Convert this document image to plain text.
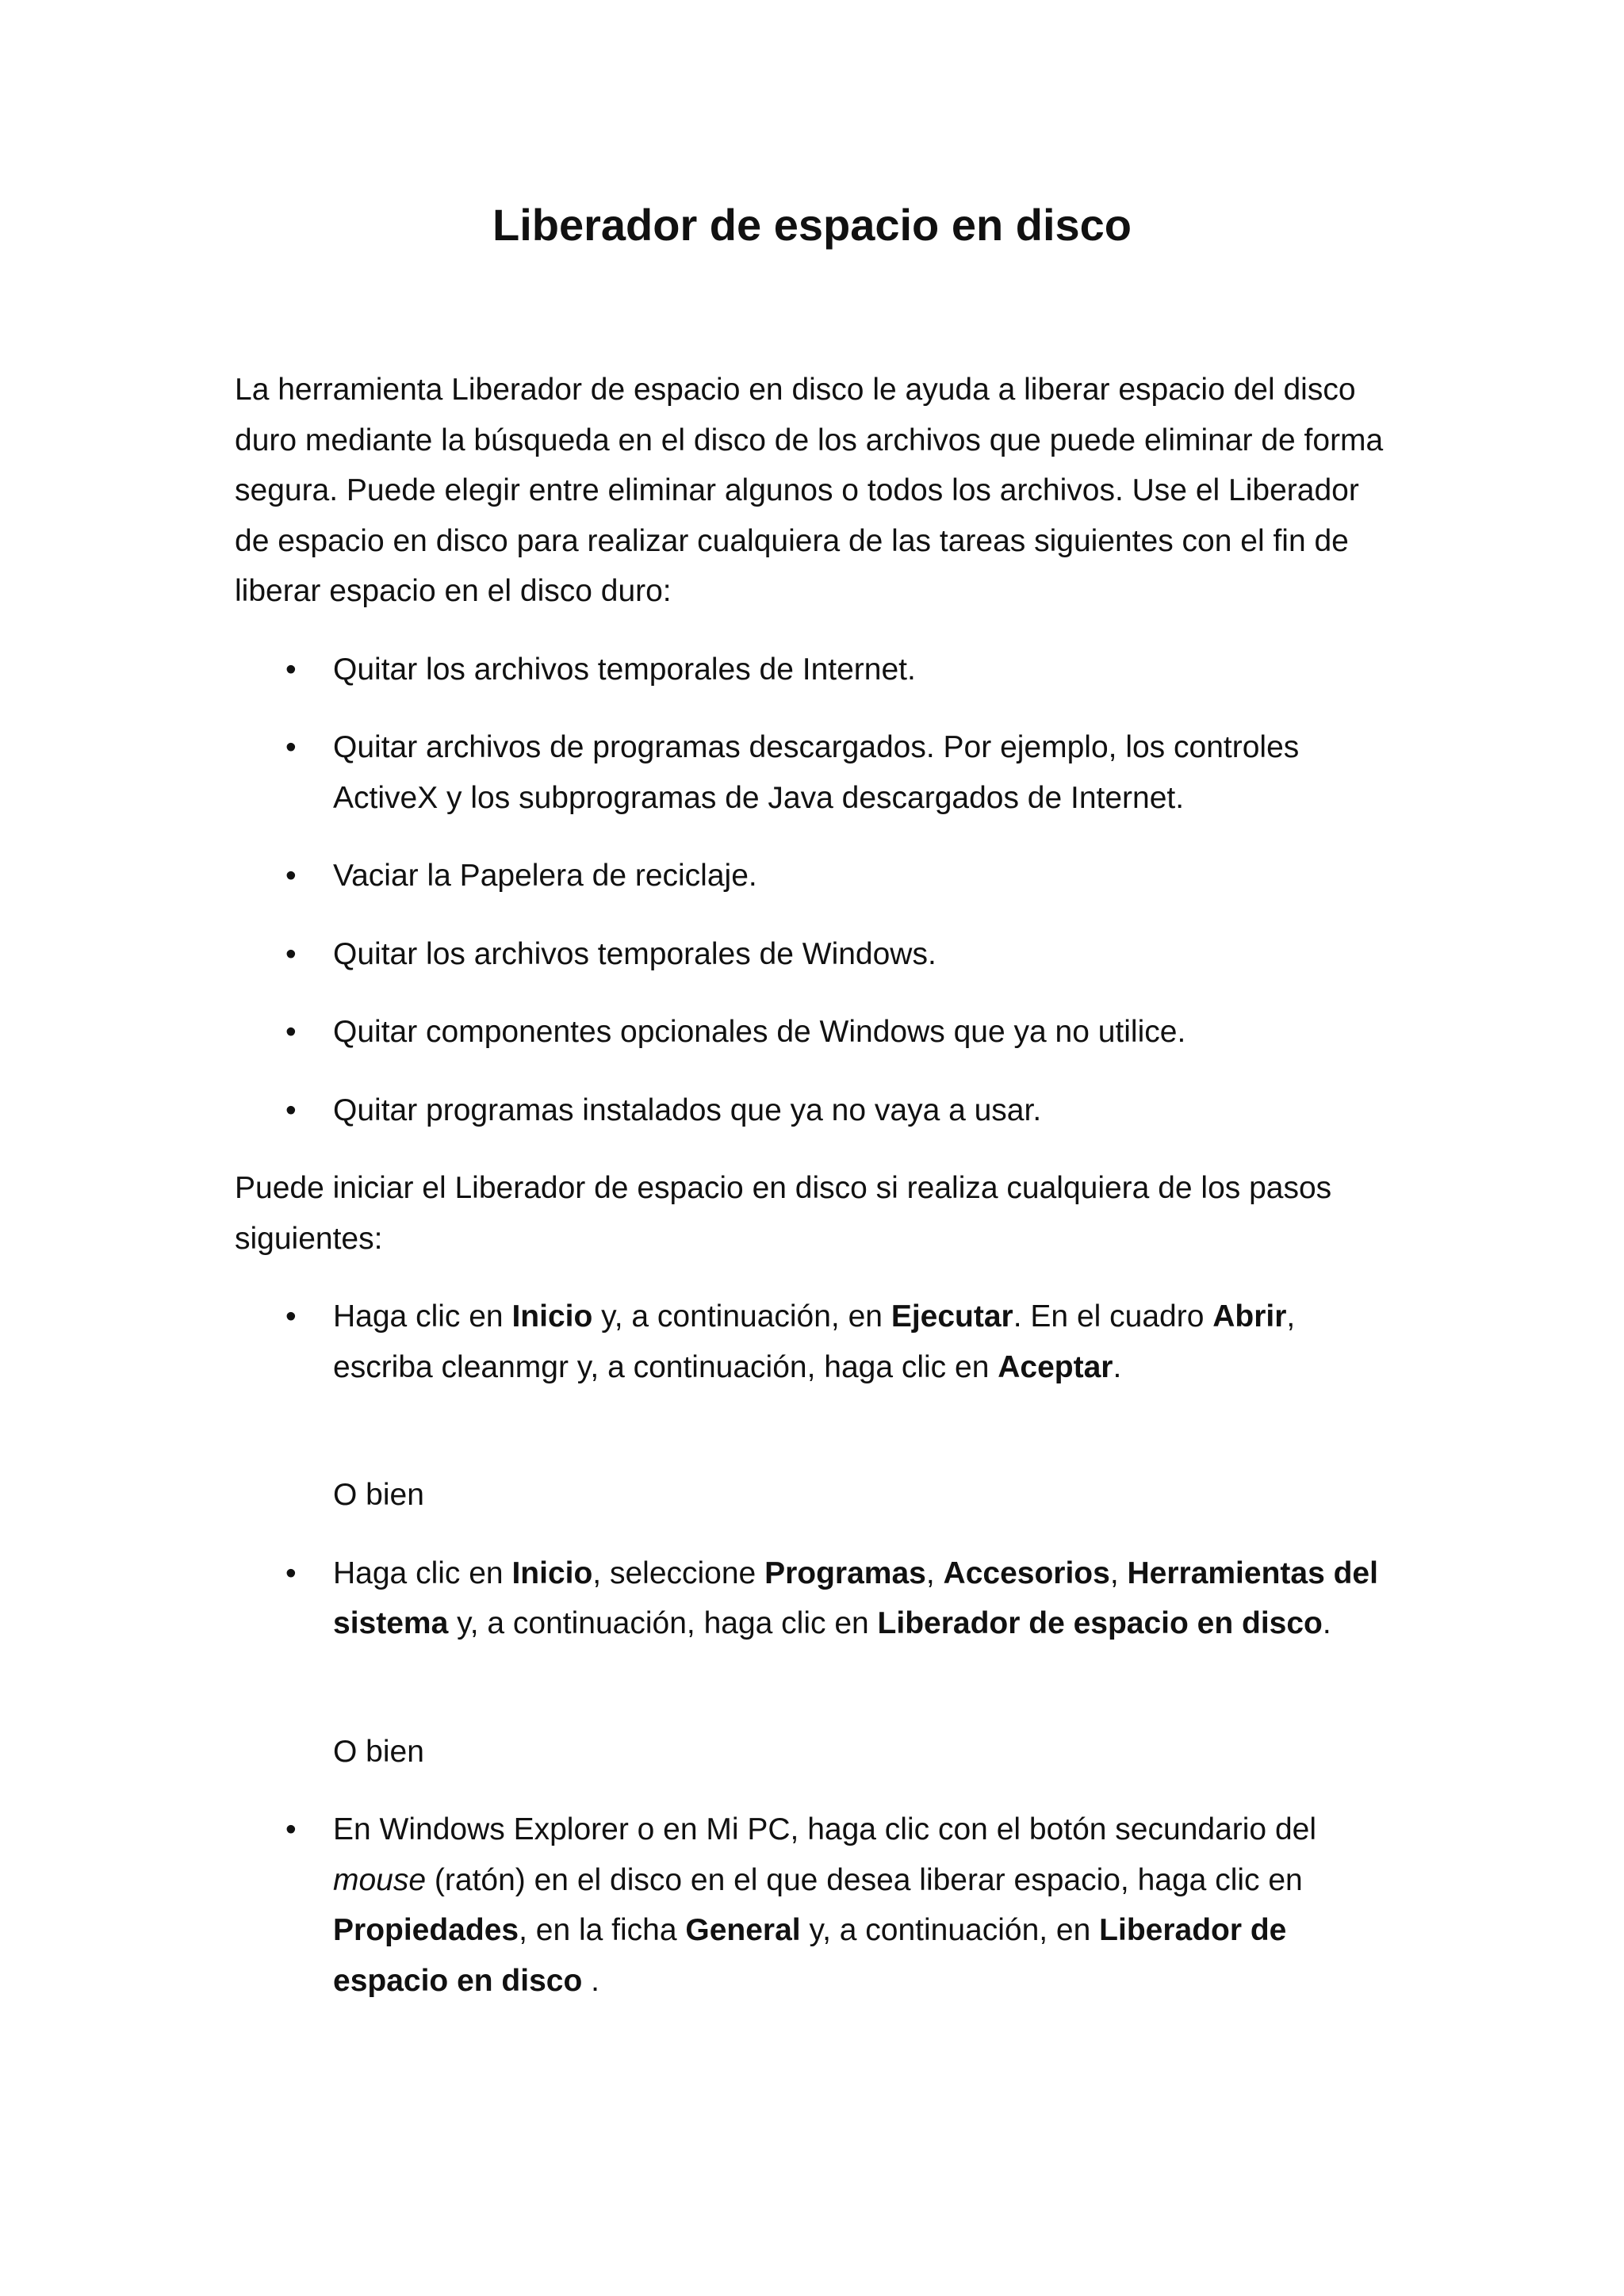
Liberador de espacio en disco

La herramienta Liberador de espacio en disco le ayuda a liberar espacio del disco duro mediante la búsqueda en el disco de los archivos que puede eliminar de forma segura. Puede elegir entre eliminar algunos o todos los archivos. Use el Liberador de espacio en disco para realizar cualquiera de las tareas siguientes con el fin de liberar espacio en el disco duro:

• Quitar los archivos temporales de Internet.
• Quitar archivos de programas descargados. Por ejemplo, los controles ActiveX y los subprogramas de Java descargados de Internet.
• Vaciar la Papelera de reciclaje.
• Quitar los archivos temporales de Windows.
• Quitar componentes opcionales de Windows que ya no utilice.
• Quitar programas instalados que ya no vaya a usar.

Puede iniciar el Liberador de espacio en disco si realiza cualquiera de los pasos siguientes:

• Haga clic en Inicio y, a continuación, en Ejecutar. En el cuadro Abrir, escriba cleanmgr y, a continuación, haga clic en Aceptar.

O bien

• Haga clic en Inicio, seleccione Programas, Accesorios, Herramientas del sistema y, a continuación, haga clic en Liberador de espacio en disco.

O bien

• En Windows Explorer o en Mi PC, haga clic con el botón secundario del mouse (ratón) en el disco en el que desea liberar espacio, haga clic en Propiedades, en la ficha General y, a continuación, en Liberador de espacio en disco .
